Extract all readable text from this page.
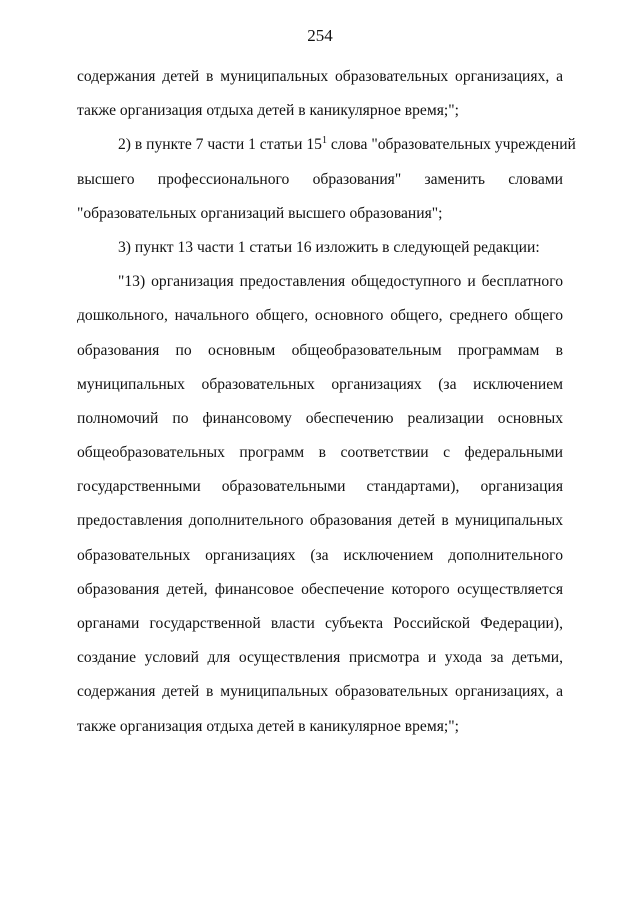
254
содержания детей в муниципальных образовательных организациях, а
также организация отдыха детей в каникулярное время;";
2) в пункте 7 части 1 статьи $15^1$ слова "образовательных учреждений
высшего профессионального образования" заменить словами
"образовательных организаций высшего образования";
3) пункт 13 части 1 статьи 16 изложить в следующей редакции:
"13) организация предоставления общедоступного и бесплатного
дошкольного, начального общего, основного общего, среднего общего
образования по основным общеобразовательным программам в
муниципальных образовательных организациях (за исключением
полномочий по финансовому обеспечению реализации основных
общеобразовательных программ в соответствии с федеральными
государственными образовательными стандартами), организация
предоставления дополнительного образования детей в муниципальных
образовательных организациях (за исключением дополнительного
образования детей, финансовое обеспечение которого осуществляется
органами государственной власти субъекта Российской Федерации),
создание условий для осуществления присмотра и ухода за детьми,
содержания детей в муниципальных образовательных организациях, а
также организация отдыха детей в каникулярное время;";
